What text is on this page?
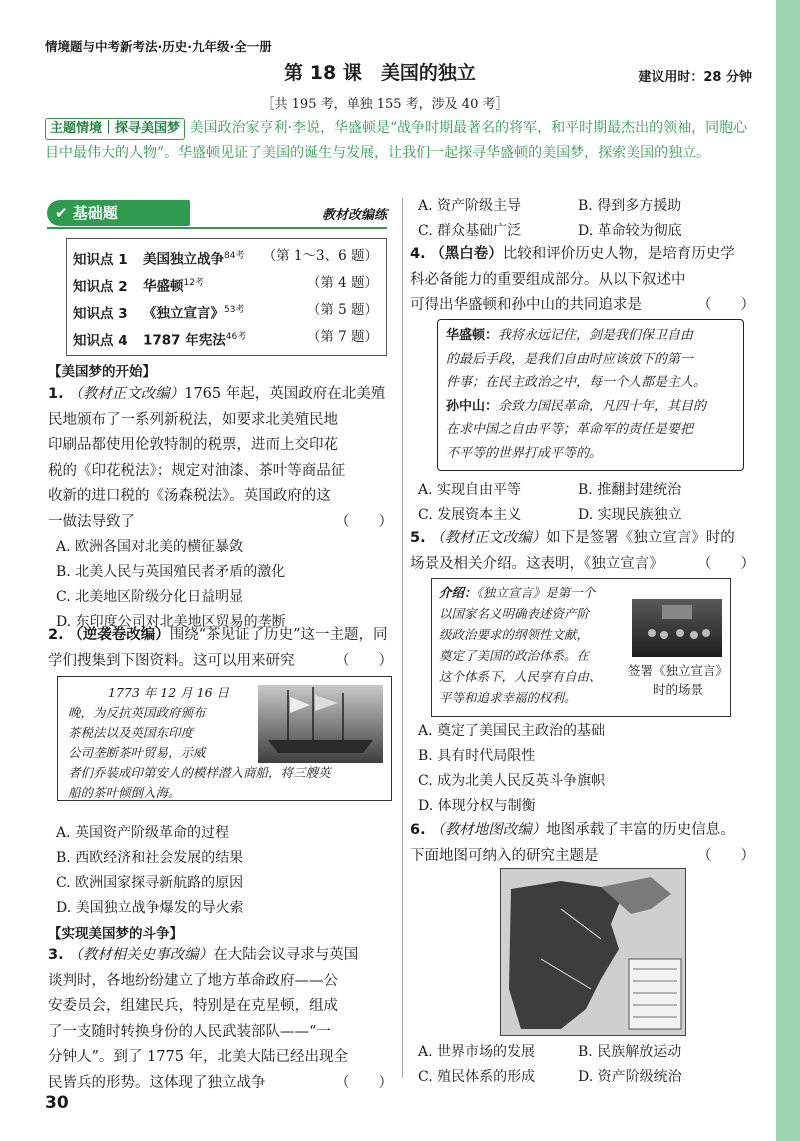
情境题与中考新考法·历史·九年级·全一册
第 18 课　美国的独立	建议用时：28 分钟
［共 195 考，单独 155 考，涉及 40 考］
主题情境｜探寻美国梦 美国政治家亨利·李说，华盛顿是“战争时期最著名的将军，和平时期最杰出的领袖，同胞心目中最伟大的人物”。华盛顿见证了美国的诞生与发展，让我们一起探寻华盛顿的美国梦，探索美国的独立。
✔ 基础题	教材改编练
知识点 1 美国独立战争$^{84考}$ （第 1～3、6 题）
知识点 2 华盛顿$^{12考}$	（第 4 题）
知识点 3 《独立宣言》$^{53考}$	（第 5 题）
知识点 4 1787 年宪法$^{46考}$	（第 7 题）
【美国梦的开始】
1. （教材正文改编）1765 年起，英国政府在北美殖
民地颁布了一系列新税法，如要求北美殖民地
印刷品都使用伦敦特制的税票，进而上交印花
税的《印花税法》；规定对油漆、茶叶等商品征
收新的进口税的《汤森税法》。英国政府的这
一做法导致了	（　　）
A. 欧洲各国对北美的横征暴敛
B. 北美人民与英国殖民者矛盾的激化
C. 北美地区阶级分化日益明显
D. 东印度公司对北美地区贸易的垄断
2. （逆袭卷改编）围绕“茶见证了历史”这一主题，同
学们搜集到下图资料。这可以用来研究	（　　）
1773 年 12 月 16 日
晚，为反抗英国政府颁布
茶税法以及英国东印度
公司垄断茶叶贸易，示威
者们乔装成印第安人的模样潜入商船，将三艘英
船的茶叶倾倒入海。
A. 英国资产阶级革命的过程
B. 西欧经济和社会发展的结果
C. 欧洲国家探寻新航路的原因
D. 美国独立战争爆发的导火索
【实现美国梦的斗争】
3. （教材相关史事改编）在大陆会议寻求与英国
谈判时，各地纷纷建立了地方革命政府——公
安委员会，组建民兵，特别是在克星顿，组成
了一支随时转换身份的人民武装部队——“一
分钟人”。到了 1775 年，北美大陆已经出现全
民皆兵的形势。这体现了独立战争	（　　）
A. 资产阶级主导	B. 得到多方援助
C. 群众基础广泛	D. 革命较为彻底
4. （黑白卷）比较和评价历史人物，是培育历史学
科必备能力的重要组成部分。从以下叙述中
可得出华盛顿和孙中山的共同追求是	（　　）
华盛顿：我将永远记住，剑是我们保卫自由
的最后手段，是我们自由时应该放下的第一
件事；在民主政治之中，每一个人都是主人。
孙中山：余致力国民革命，凡四十年，其目的
在求中国之自由平等；革命军的责任是要把
不平等的世界打成平等的。
A. 实现自由平等	B. 推翻封建统治
C. 发展资本主义	D. 实现民族独立
5. （教材正文改编）如下是签署《独立宣言》时的
场景及相关介绍。这表明，《独立宣言》 （　　）
介绍：《独立宣言》是第一个
以国家名义明确表述资产阶
级政治要求的纲领性文献，
奠定了美国的政治体系。在
这个体系下，人民享有自由、
平等和追求幸福的权利。
签署《独立宣言》
时的场景
A. 奠定了美国民主政治的基础
B. 具有时代局限性
C. 成为北美人民反英斗争旗帜
D. 体现分权与制衡
6. （教材地图改编）地图承载了丰富的历史信息。
下面地图可纳入的研究主题是	（　　）
A. 世界市场的发展	B. 民族解放运动
C. 殖民体系的形成	D. 资产阶级统治
30
